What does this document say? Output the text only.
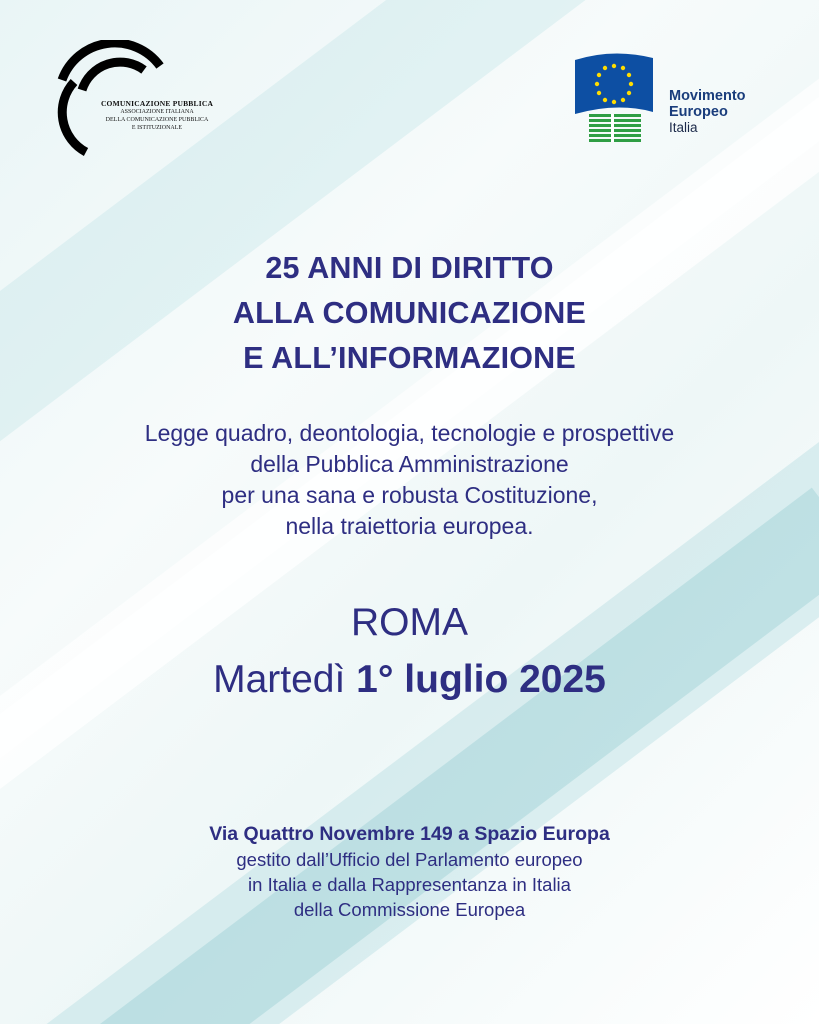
COMUNICAZIONE PUBBLICA
ASSOCIAZIONE ITALIANA
DELLA COMUNICAZIONE PUBBLICA
E ISTITUZIONALE
Movimento
Europeo
Italia
25 ANNI DI DIRITTO
ALLA COMUNICAZIONE
E ALL’INFORMAZIONE
Legge quadro, deontologia, tecnologie e prospettive
della Pubblica Amministrazione
per una sana e robusta Costituzione,
nella traiettoria europea.
ROMA
Martedì 1° luglio 2025
Via Quattro Novembre 149 a Spazio Europa
gestito dall’Ufficio del Parlamento europeo
in Italia e dalla Rappresentanza in Italia
della Commissione Europea
